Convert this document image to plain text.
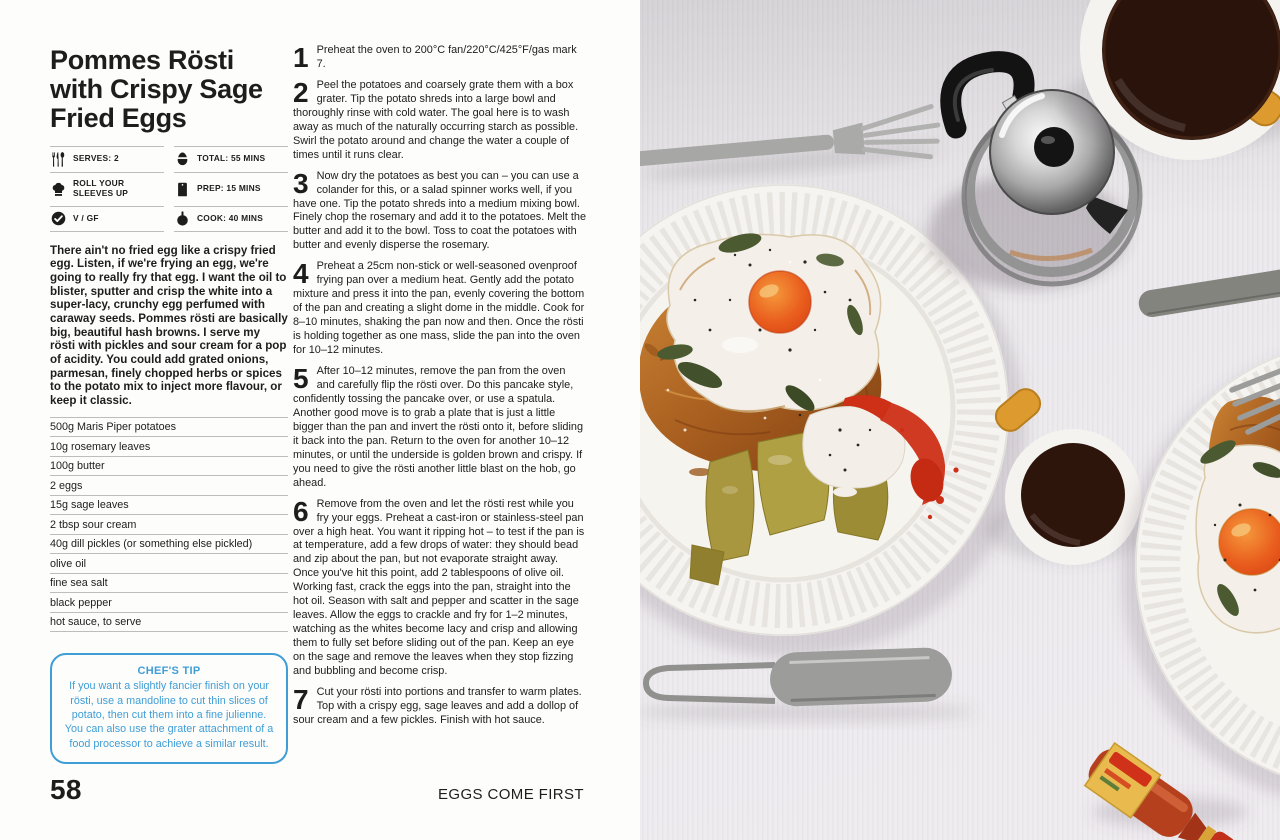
Pommes Rösti with Crispy Sage Fried Eggs
SERVES: 2
ROLL YOUR SLEEVES UP
V / GF
TOTAL: 55 MINS
PREP: 15 MINS
COOK: 40 MINS

There ain't no fried egg like a crispy fried egg. Listen, if we're frying an egg, we're going to really fry that egg. I want the oil to blister, sputter and crisp the white into a super-lacy, crunchy egg perfumed with caraway seeds. Pommes rösti are basically big, beautiful hash browns. I serve my rösti with pickles and sour cream for a pop of acidity. You could add grated onions, parmesan, finely chopped herbs or spices to the potato mix to inject more flavour, or keep it classic.

500g Maris Piper potatoes
10g rosemary leaves
100g butter
2 eggs
15g sage leaves
2 tbsp sour cream
40g dill pickles (or something else pickled)
olive oil
fine sea salt
black pepper
hot sauce, to serve
CHEF'S TIP
If you want a slightly fancier finish on your rösti, use a mandoline to cut thin slices of potato, then cut them into a fine julienne. You can also use the grater attachment of a food processor to achieve a similar result.

1 Preheat the oven to 200°C fan/220°C/425°F/gas mark 7.

2 Peel the potatoes and coarsely grate them with a box grater. Tip the potato shreds into a large bowl and thoroughly rinse with cold water. The goal here is to wash away as much of the naturally occurring starch as possible. Swirl the potato around and change the water a couple of times until it runs clear.

3 Now dry the potatoes as best you can – you can use a colander for this, or a salad spinner works well, if you have one. Tip the potato shreds into a medium mixing bowl. Finely chop the rosemary and add it to the potatoes. Melt the butter and add it to the bowl. Toss to coat the potatoes with butter and evenly disperse the rosemary.

4 Preheat a 25cm non-stick or well-seasoned ovenproof frying pan over a medium heat. Gently add the potato mixture and press it into the pan, evenly covering the bottom of the pan and creating a slight dome in the middle. Cook for 8–10 minutes, shaking the pan now and then. Once the rösti is holding together as one mass, slide the pan into the oven for 10–12 minutes.

5 After 10–12 minutes, remove the pan from the oven and carefully flip the rösti over. Do this pancake style, confidently tossing the pancake over, or use a spatula. Another good move is to grab a plate that is just a little bigger than the pan and invert the rösti onto it, before sliding it back into the pan. Return to the oven for another 10–12 minutes, or until the underside is golden brown and crispy. If you need to give the rösti another little blast on the hob, go ahead.

6 Remove from the oven and let the rösti rest while you fry your eggs. Preheat a cast-iron or stainless-steel pan over a high heat. You want it ripping hot – to test if the pan is at temperature, add a few drops of water: they should bead and zip about the pan, but not evaporate straight away. Once you've hit this point, add 2 tablespoons of olive oil. Working fast, crack the eggs into the pan, straight into the hot oil. Season with salt and pepper and scatter in the sage leaves. Allow the eggs to crackle and fry for 1–2 minutes, watching as the whites become lacy and crisp and allowing them to fully set before sliding out of the pan. Keep an eye on the sage and remove the leaves when they stop fizzing and bubbling and become crisp.

7 Cut your rösti into portions and transfer to warm plates. Top with a crispy egg, sage leaves and add a dollop of sour cream and a few pickles. Finish with hot sauce.

58	EGGS COME FIRST
